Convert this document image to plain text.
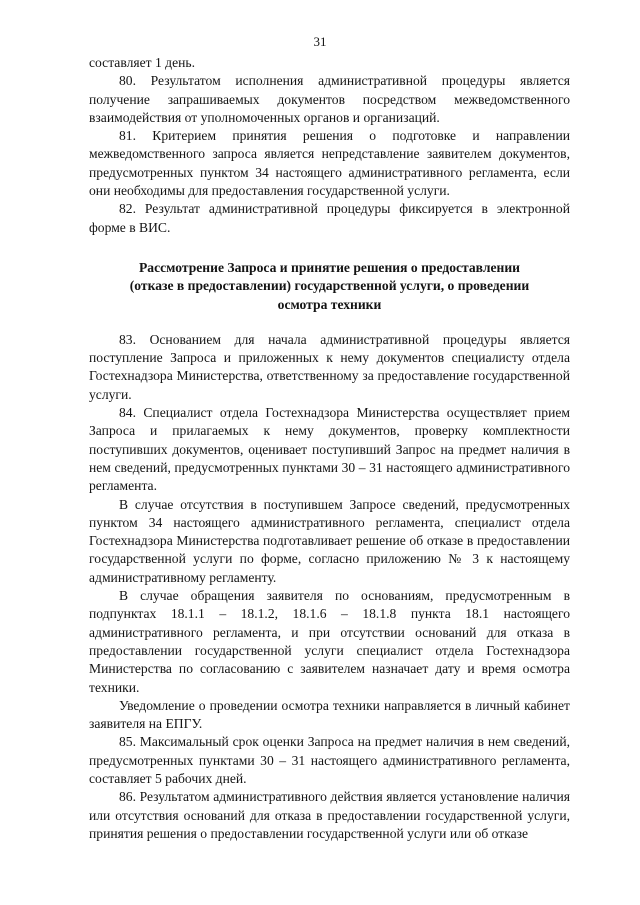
31

составляет 1 день.

80. Результатом исполнения административной процедуры является получение запрашиваемых документов посредством межведомственного взаимодействия от уполномоченных органов и организаций.

81. Критерием принятия решения о подготовке и направлении межведомственного запроса является непредставление заявителем документов, предусмотренных пунктом 34 настоящего административного регламента, если они необходимы для предоставления государственной услуги.

82. Результат административной процедуры фиксируется в электронной форме в ВИС.

Рассмотрение Запроса и принятие решения о предоставлении
(отказе в предоставлении) государственной услуги, о проведении
осмотра техники

83. Основанием для начала административной процедуры является поступление Запроса и приложенных к нему документов специалисту отдела Гостехнадзора Министерства, ответственному за предоставление государственной услуги.

84. Специалист отдела Гостехнадзора Министерства осуществляет прием Запроса и прилагаемых к нему документов, проверку комплектности поступивших документов, оценивает поступивший Запрос на предмет наличия в нем сведений, предусмотренных пунктами 30 – 31 настоящего административного регламента.

В случае отсутствия в поступившем Запросе сведений, предусмотренных пунктом 34 настоящего административного регламента, специалист отдела Гостехнадзора Министерства подготавливает решение об отказе в предоставлении государственной услуги по форме, согласно приложению № 3 к настоящему административному регламенту.

В случае обращения заявителя по основаниям, предусмотренным в подпунктах 18.1.1 – 18.1.2, 18.1.6 – 18.1.8 пункта 18.1 настоящего административного регламента, и при отсутствии оснований для отказа в предоставлении государственной услуги специалист отдела Гостехнадзора Министерства по согласованию с заявителем назначает дату и время осмотра техники.

Уведомление о проведении осмотра техники направляется в личный кабинет заявителя на ЕПГУ.

85. Максимальный срок оценки Запроса на предмет наличия в нем сведений, предусмотренных пунктами 30 – 31 настоящего административного регламента, составляет 5 рабочих дней.

86. Результатом административного действия является установление наличия или отсутствия оснований для отказа в предоставлении государственной услуги, принятия решения о предоставлении государственной услуги или об отказе
